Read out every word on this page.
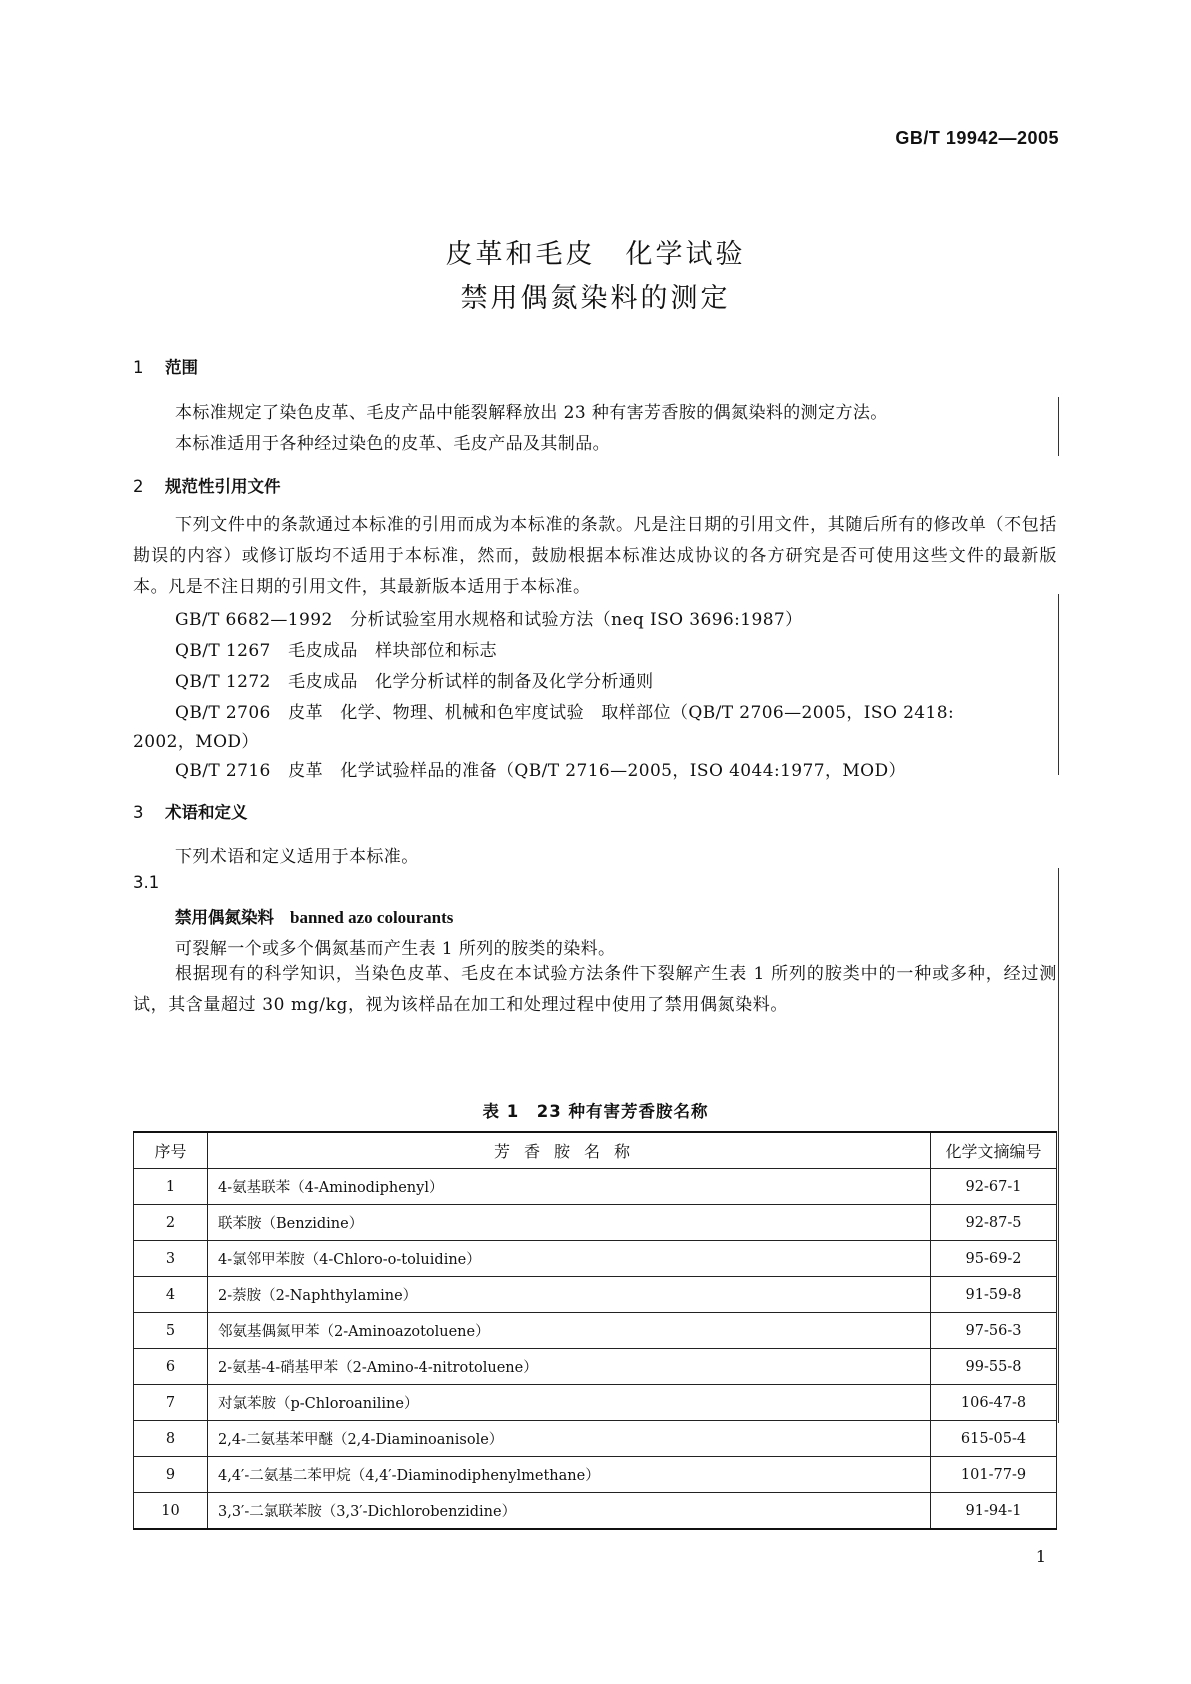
GB/T 19942—2005
皮革和毛皮　化学试验
禁用偶氮染料的测定
1 范围
本标准规定了染色皮革、毛皮产品中能裂解释放出 23 种有害芳香胺的偶氮染料的测定方法。
本标准适用于各种经过染色的皮革、毛皮产品及其制品。
2 规范性引用文件
下列文件中的条款通过本标准的引用而成为本标准的条款。凡是注日期的引用文件，其随后所有的修改单（不包括勘误的内容）或修订版均不适用于本标准，然而，鼓励根据本标准达成协议的各方研究是否可使用这些文件的最新版本。凡是不注日期的引用文件，其最新版本适用于本标准。
GB/T 6682—1992　分析试验室用水规格和试验方法（neq ISO 3696:1987）
QB/T 1267　毛皮成品　样块部位和标志
QB/T 1272　毛皮成品　化学分析试样的制备及化学分析通则
QB/T 2706　皮革　化学、物理、机械和色牢度试验　取样部位（QB/T 2706—2005，ISO 2418:
2002，MOD）
QB/T 2716　皮革　化学试验样品的准备（QB/T 2716—2005，ISO 4044:1977，MOD）
3 术语和定义
下列术语和定义适用于本标准。
3.1
禁用偶氮染料 banned azo colourants
可裂解一个或多个偶氮基而产生表 1 所列的胺类的染料。
根据现有的科学知识，当染色皮革、毛皮在本试验方法条件下裂解产生表 1 所列的胺类中的一种或多种，经过测试，其含量超过 30 mg/kg，视为该样品在加工和处理过程中使用了禁用偶氮染料。
表 1　23 种有害芳香胺名称
序号	芳香胺名称	化学文摘编号
1	4-氨基联苯（4-Aminodiphenyl）	92-67-1
2	联苯胺（Benzidine）	92-87-5
3	4-氯邻甲苯胺（4-Chloro-o-toluidine）	95-69-2
4	2-萘胺（2-Naphthylamine）	91-59-8
5	邻氨基偶氮甲苯（2-Aminoazotoluene）	97-56-3
6	2-氨基-4-硝基甲苯（2-Amino-4-nitrotoluene）	99-55-8
7	对氯苯胺（p-Chloroaniline）	106-47-8
8	2,4-二氨基苯甲醚（2,4-Diaminoanisole）	615-05-4
9	4,4′-二氨基二苯甲烷（4,4′-Diaminodiphenylmethane）	101-77-9
10	3,3′-二氯联苯胺（3,3′-Dichlorobenzidine）	91-94-1
1
